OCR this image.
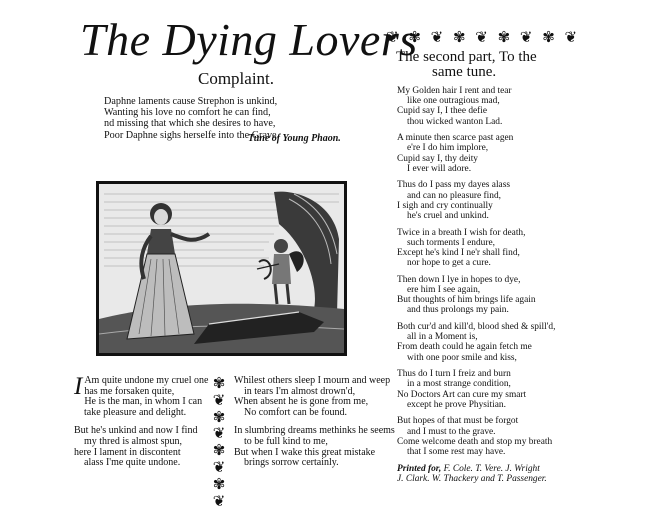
The Dying Lovers
Complaint.
Daphne laments cause Strephon is unkind,
Wanting his love no comfort he can find,
nd missing that which she desires to have,
Poor Daphne sighs herselfe into the Grave.
Tune of Young Phaon.
I Am quite undone my cruel one
has me forsaken quite,
He is the man, in whom I can
take pleasure and delight.
But he's unkind and now I find
my thred is almost spun,
here I lament in discontent
alass I'me quite undone.
✾
❦
✾
❦
✾
❦
✾
❦
Whilest others sleep I mourn and weep
in tears I'm almost drown'd,
When absent he is gone from me,
No comfort can be found.
In slumbring dreams methinks he seems
to be full kind to me,
But when I wake this great mistake
brings sorrow certainly.
❦ ✾ ❦ ✾ ❦ ✾ ❦ ✾ ❦
The second part, To the
same tune.
My Golden hair I rent and tear
like one outragious mad,
Cupid say I, I thee defie
thou wicked wanton Lad.
A minute then scarce past agen
e're I do him implore,
Cupid say I, thy deity
I ever will adore.
Thus do I pass my dayes alass
and can no pleasure find,
I sigh and cry continually
he's cruel and unkind.
Twice in a breath I wish for death,
such torments I endure,
Except he's kind I ne'r shall find,
nor hope to get a cure.
Then down I lye in hopes to dye,
ere him I see again,
But thoughts of him brings life again
and thus prolongs my pain.
Both cur'd and kill'd, blood shed & spill'd,
all in a Moment is,
From death could he again fetch me
with one poor smile and kiss,
Thus do I turn I freiz and burn
in a most strange condition,
No Doctors Art can cure my smart
except he prove Physitian.
But hopes of that must be forgot
and I must to the grave.
Come welcome death and stop my breath
that I some rest may have.
Printed for, F. Cole. T. Vere. J. Wright
J. Clark. W. Thackery and T. Passenger.
